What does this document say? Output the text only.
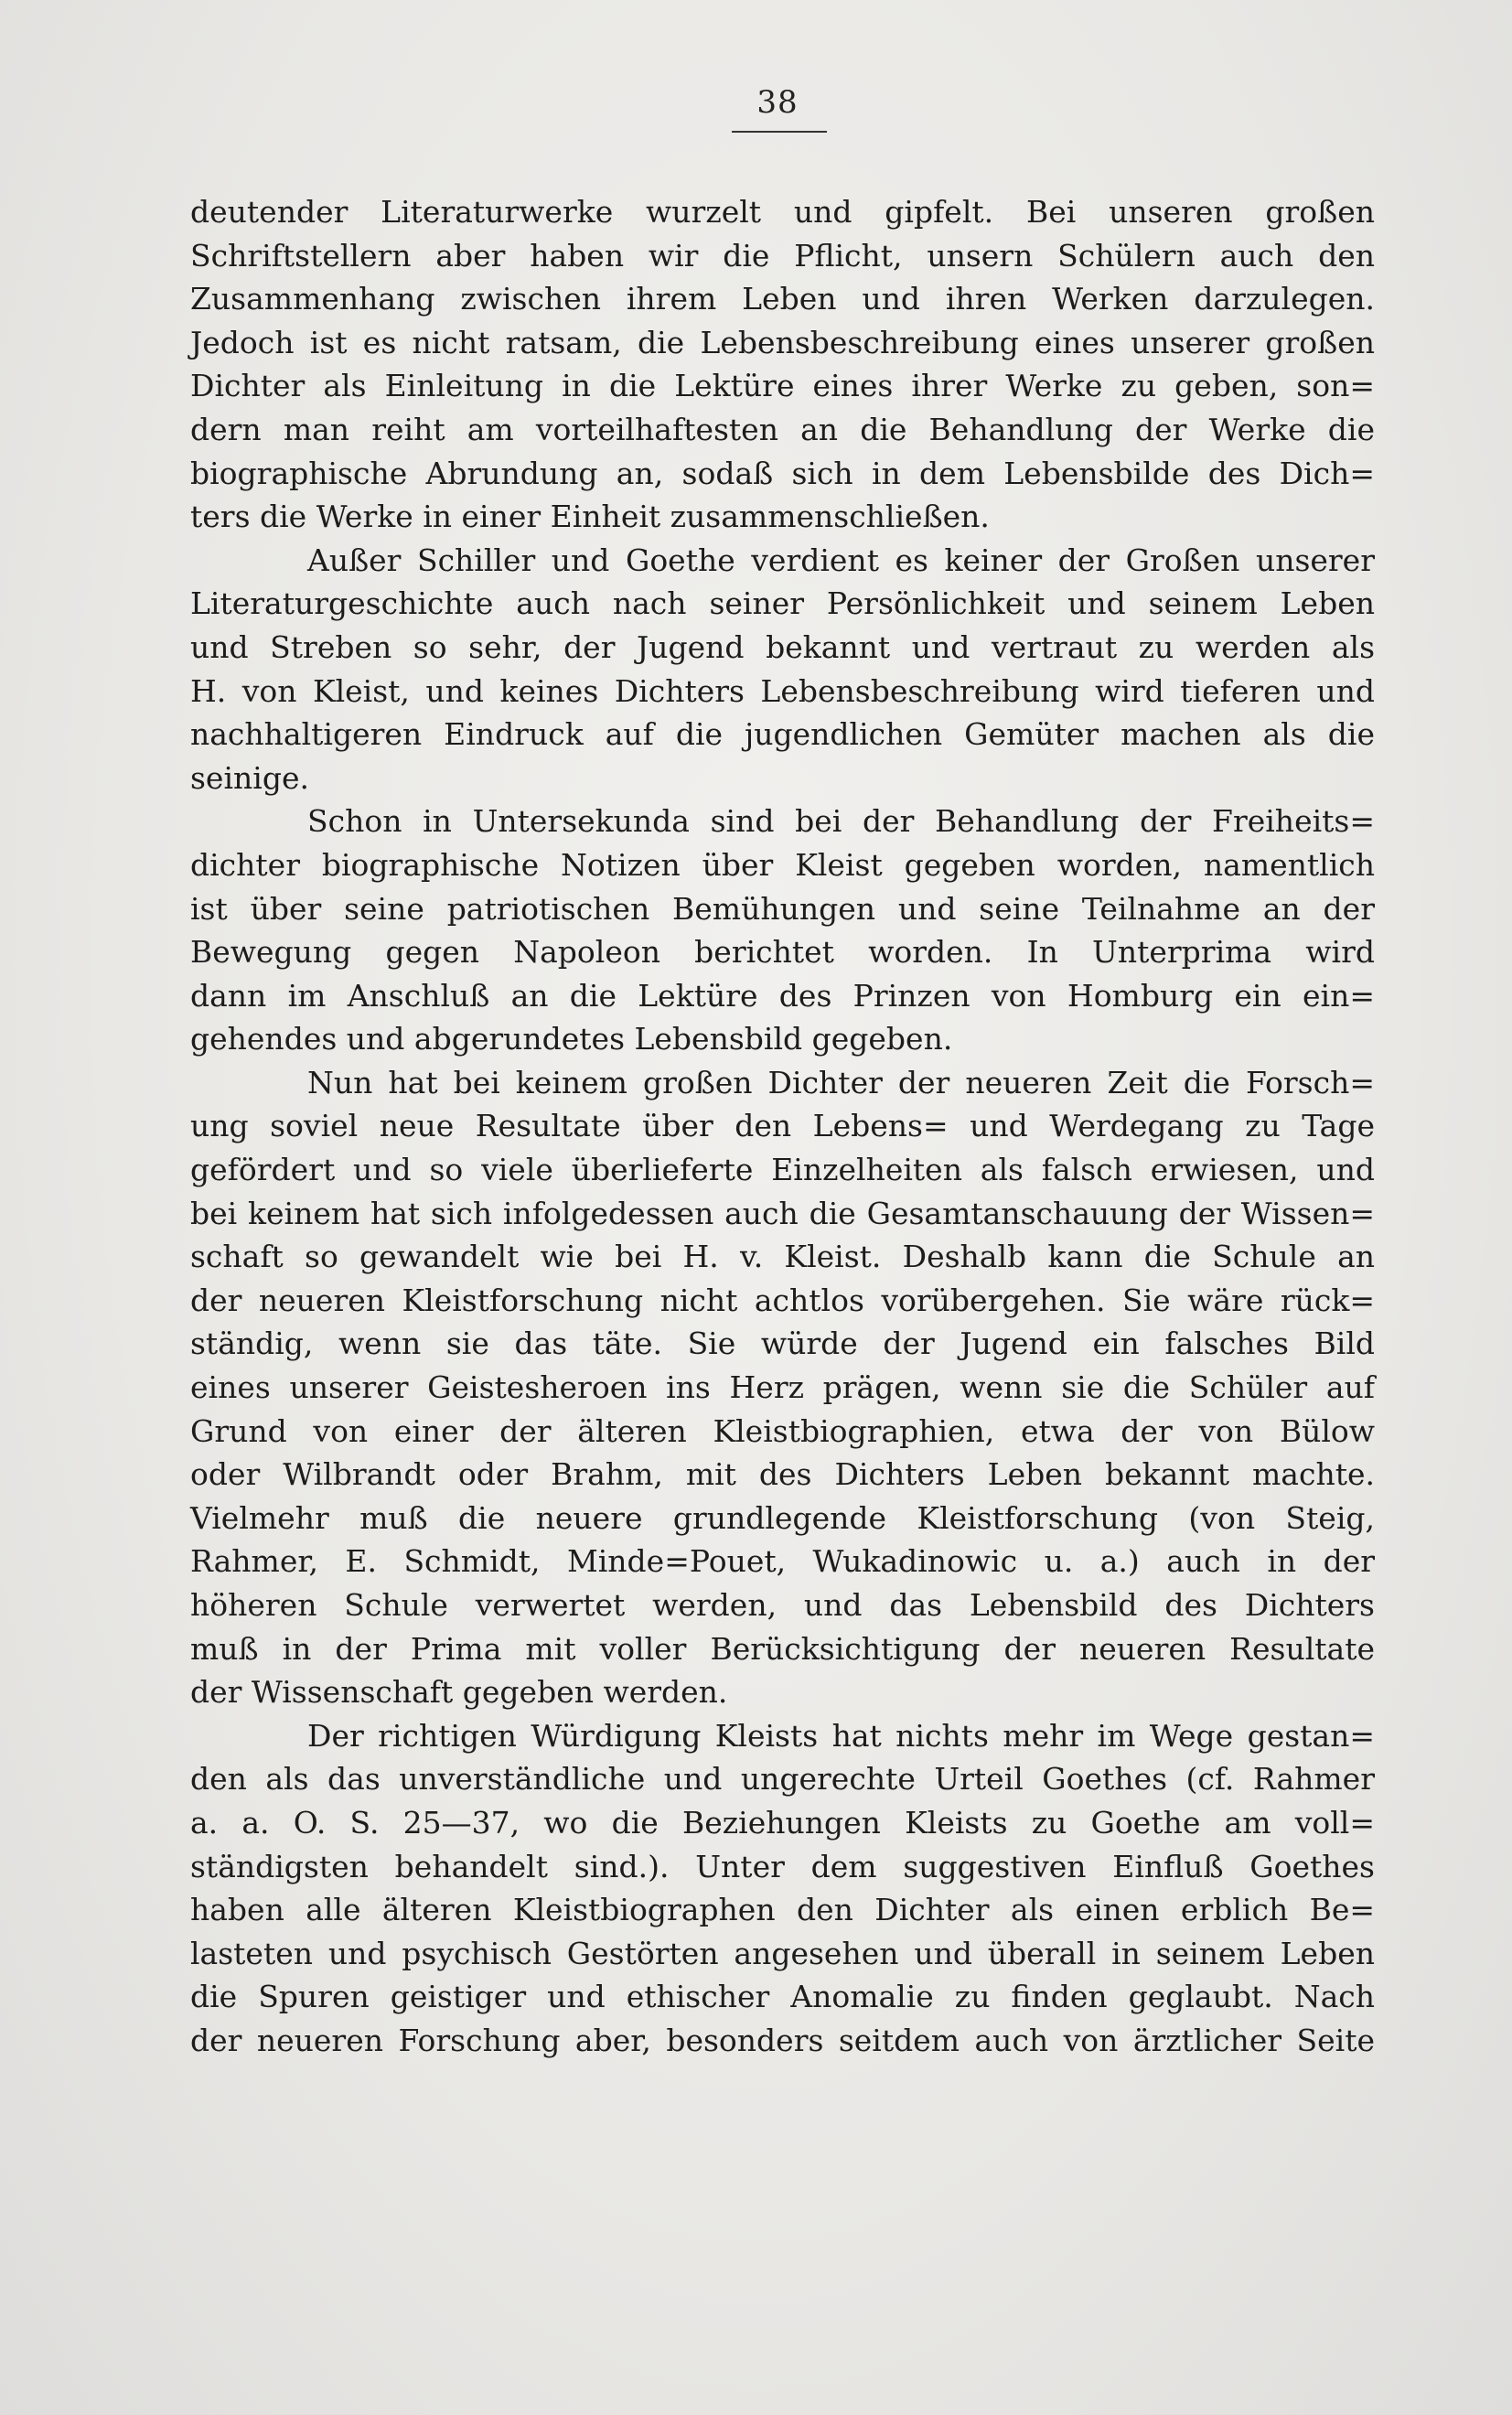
38

deutender Literaturwerke wurzelt und gipfelt. Bei unseren großen
Schriftstellern aber haben wir die Pflicht, unsern Schülern auch den
Zusammenhang zwischen ihrem Leben und ihren Werken darzulegen.
Jedoch ist es nicht ratsam, die Lebensbeschreibung eines unserer großen
Dichter als Einleitung in die Lektüre eines ihrer Werke zu geben, son=
dern man reiht am vorteilhaftesten an die Behandlung der Werke die
biographische Abrundung an, sodaß sich in dem Lebensbilde des Dich=
ters die Werke in einer Einheit zusammenschließen.

Außer Schiller und Goethe verdient es keiner der Großen unserer
Literaturgeschichte auch nach seiner Persönlichkeit und seinem Leben
und Streben so sehr, der Jugend bekannt und vertraut zu werden als
H. von Kleist, und keines Dichters Lebensbeschreibung wird tieferen und
nachhaltigeren Eindruck auf die jugendlichen Gemüter machen als die
seinige.

Schon in Untersekunda sind bei der Behandlung der Freiheits=
dichter biographische Notizen über Kleist gegeben worden, namentlich
ist über seine patriotischen Bemühungen und seine Teilnahme an der
Bewegung gegen Napoleon berichtet worden. In Unterprima wird
dann im Anschluß an die Lektüre des Prinzen von Homburg ein ein=
gehendes und abgerundetes Lebensbild gegeben.

Nun hat bei keinem großen Dichter der neueren Zeit die Forsch=
ung soviel neue Resultate über den Lebens= und Werdegang zu Tage
gefördert und so viele überlieferte Einzelheiten als falsch erwiesen, und
bei keinem hat sich infolgedessen auch die Gesamtanschauung der Wissen=
schaft so gewandelt wie bei H. v. Kleist. Deshalb kann die Schule an
der neueren Kleistforschung nicht achtlos vorübergehen. Sie wäre rück=
ständig, wenn sie das täte. Sie würde der Jugend ein falsches Bild
eines unserer Geistesheroen ins Herz prägen, wenn sie die Schüler auf
Grund von einer der älteren Kleistbiographien, etwa der von Bülow
oder Wilbrandt oder Brahm, mit des Dichters Leben bekannt machte.
Vielmehr muß die neuere grundlegende Kleistforschung (von Steig,
Rahmer, E. Schmidt, Minde=Pouet, Wukadinowic u. a.) auch in der
höheren Schule verwertet werden, und das Lebensbild des Dichters
muß in der Prima mit voller Berücksichtigung der neueren Resultate
der Wissenschaft gegeben werden.

Der richtigen Würdigung Kleists hat nichts mehr im Wege gestan=
den als das unverständliche und ungerechte Urteil Goethes (cf. Rahmer
a. a. O. S. 25—37, wo die Beziehungen Kleists zu Goethe am voll=
ständigsten behandelt sind.). Unter dem suggestiven Einfluß Goethes
haben alle älteren Kleistbiographen den Dichter als einen erblich Be=
lasteten und psychisch Gestörten angesehen und überall in seinem Leben
die Spuren geistiger und ethischer Anomalie zu finden geglaubt. Nach
der neueren Forschung aber, besonders seitdem auch von ärztlicher Seite
